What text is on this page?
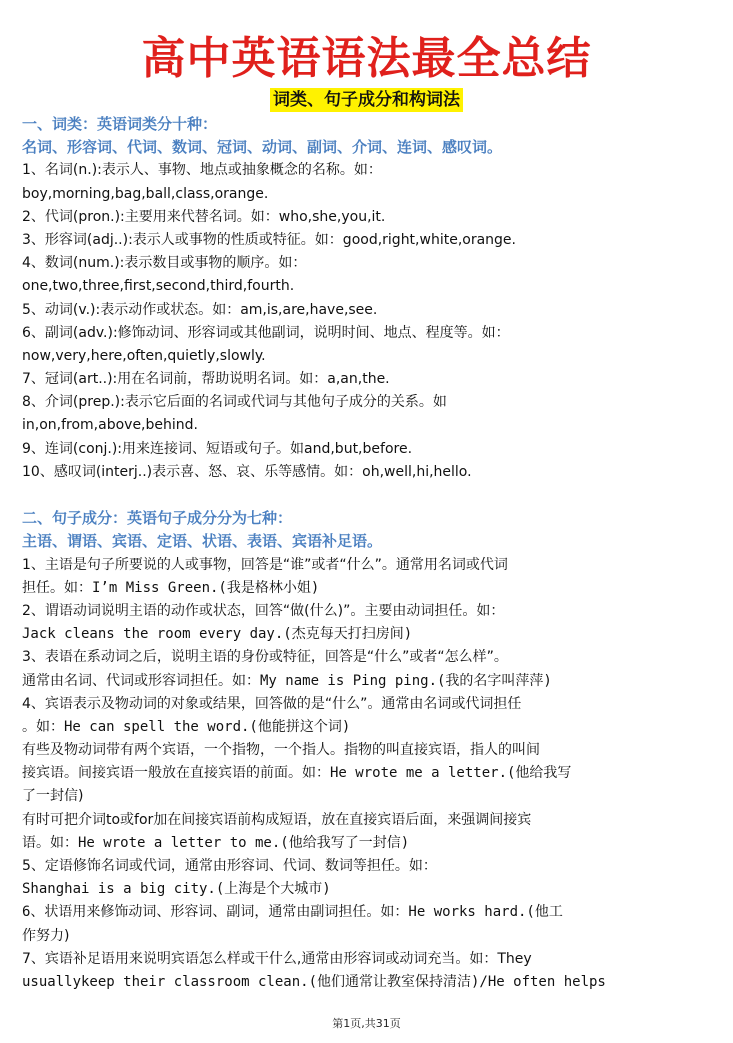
高中英语语法最全总结
词类、句子成分和构词法
一、词类：英语词类分十种：
名词、形容词、代词、数词、冠词、动词、副词、介词、连词、感叹词。
1、名词(n.):表示人、事物、地点或抽象概念的名称。如：
boy,morning,bag,ball,class,orange.
2、代词(pron.):主要用来代替名词。如：who,she,you,it.
3、形容词(adj..):表示人或事物的性质或特征。如：good,right,white,orange.
4、数词(num.):表示数目或事物的顺序。如：
one,two,three,first,second,third,fourth.
5、动词(v.):表示动作或状态。如：am,is,are,have,see.
6、副词(adv.):修饰动词、形容词或其他副词，说明时间、地点、程度等。如：
now,very,here,often,quietly,slowly.
7、冠词(art..):用在名词前，帮助说明名词。如：a,an,the.
8、介词(prep.):表示它后面的名词或代词与其他句子成分的关系。如
in,on,from,above,behind.
9、连词(conj.):用来连接词、短语或句子。如and,but,before.
10、感叹词(interj..)表示喜、怒、哀、乐等感情。如：oh,well,hi,hello.
二、句子成分：英语句子成分分为七种：
主语、谓语、宾语、定语、状语、表语、宾语补足语。
1、主语是句子所要说的人或事物，回答是“谁”或者“什么”。通常用名词或代词
担任。如：I’m Miss Green.(我是格林小姐)
2、谓语动词说明主语的动作或状态，回答“做(什么)”。主要由动词担任。如：
Jack cleans the room every day.(杰克每天打扫房间)
3、表语在系动词之后，说明主语的身份或特征，回答是“什么”或者“怎么样”。
通常由名词、代词或形容词担任。如：My name is Ping ping.(我的名字叫萍萍)
4、宾语表示及物动词的对象或结果，回答做的是“什么”。通常由名词或代词担任
。如：He can spell the word.(他能拼这个词)
有些及物动词带有两个宾语，一个指物，一个指人。指物的叫直接宾语，指人的叫间
接宾语。间接宾语一般放在直接宾语的前面。如：He wrote me a letter.(他给我写
了一封信)
有时可把介词to或for加在间接宾语前构成短语，放在直接宾语后面，来强调间接宾
语。如：He wrote a letter to me.(他给我写了一封信)
5、定语修饰名词或代词，通常由形容词、代词、数词等担任。如：
Shanghai is a big city.(上海是个大城市)
6、状语用来修饰动词、形容词、副词，通常由副词担任。如：He works hard.(他工
作努力)
7、宾语补足语用来说明宾语怎么样或干什么,通常由形容词或动词充当。如：They
usuallykeep their classroom clean.(他们通常让教室保持清洁)/He often helps
第1页,共31页
